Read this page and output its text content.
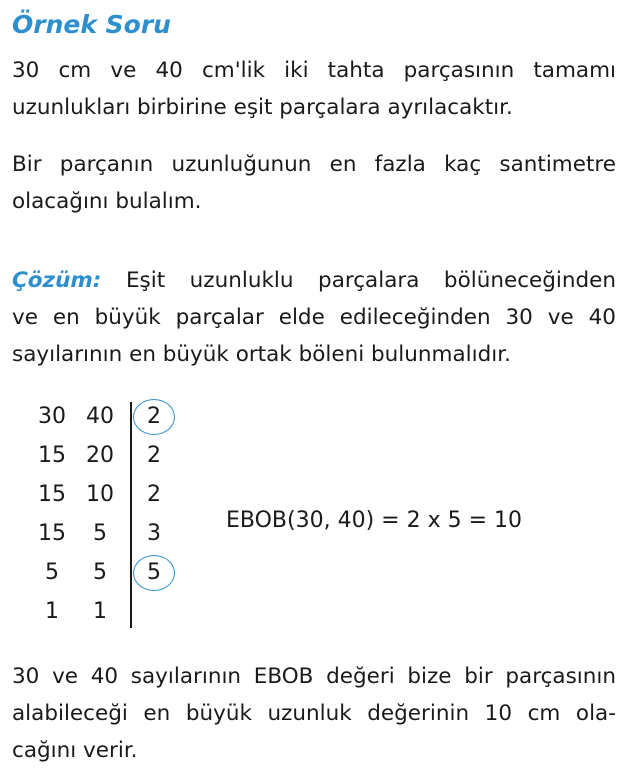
Örnek Soru
30 cm ve 40 cm'lik iki tahta parçasının tamamı
uzunlukları birbirine eşit parçalara ayrılacaktır.
Bir parçanın uzunluğunun en fazla kaç santimetre
olacağını bulalım.
Çözüm: Eşit uzunluklu parçalara bölüneceğinden
ve en büyük parçalar elde edileceğinden 30 ve 40
sayılarının en büyük ortak böleni bulunmalıdır.
30 40	2
15 20	2
15 10	2
15	5	3
5	5	5
1	1
EBOB(30, 40) = 2 x 5 = 10
30 ve 40 sayılarının EBOB değeri bize bir parçasının
alabileceği en büyük uzunluk değerinin 10 cm ola-
cağını verir.
